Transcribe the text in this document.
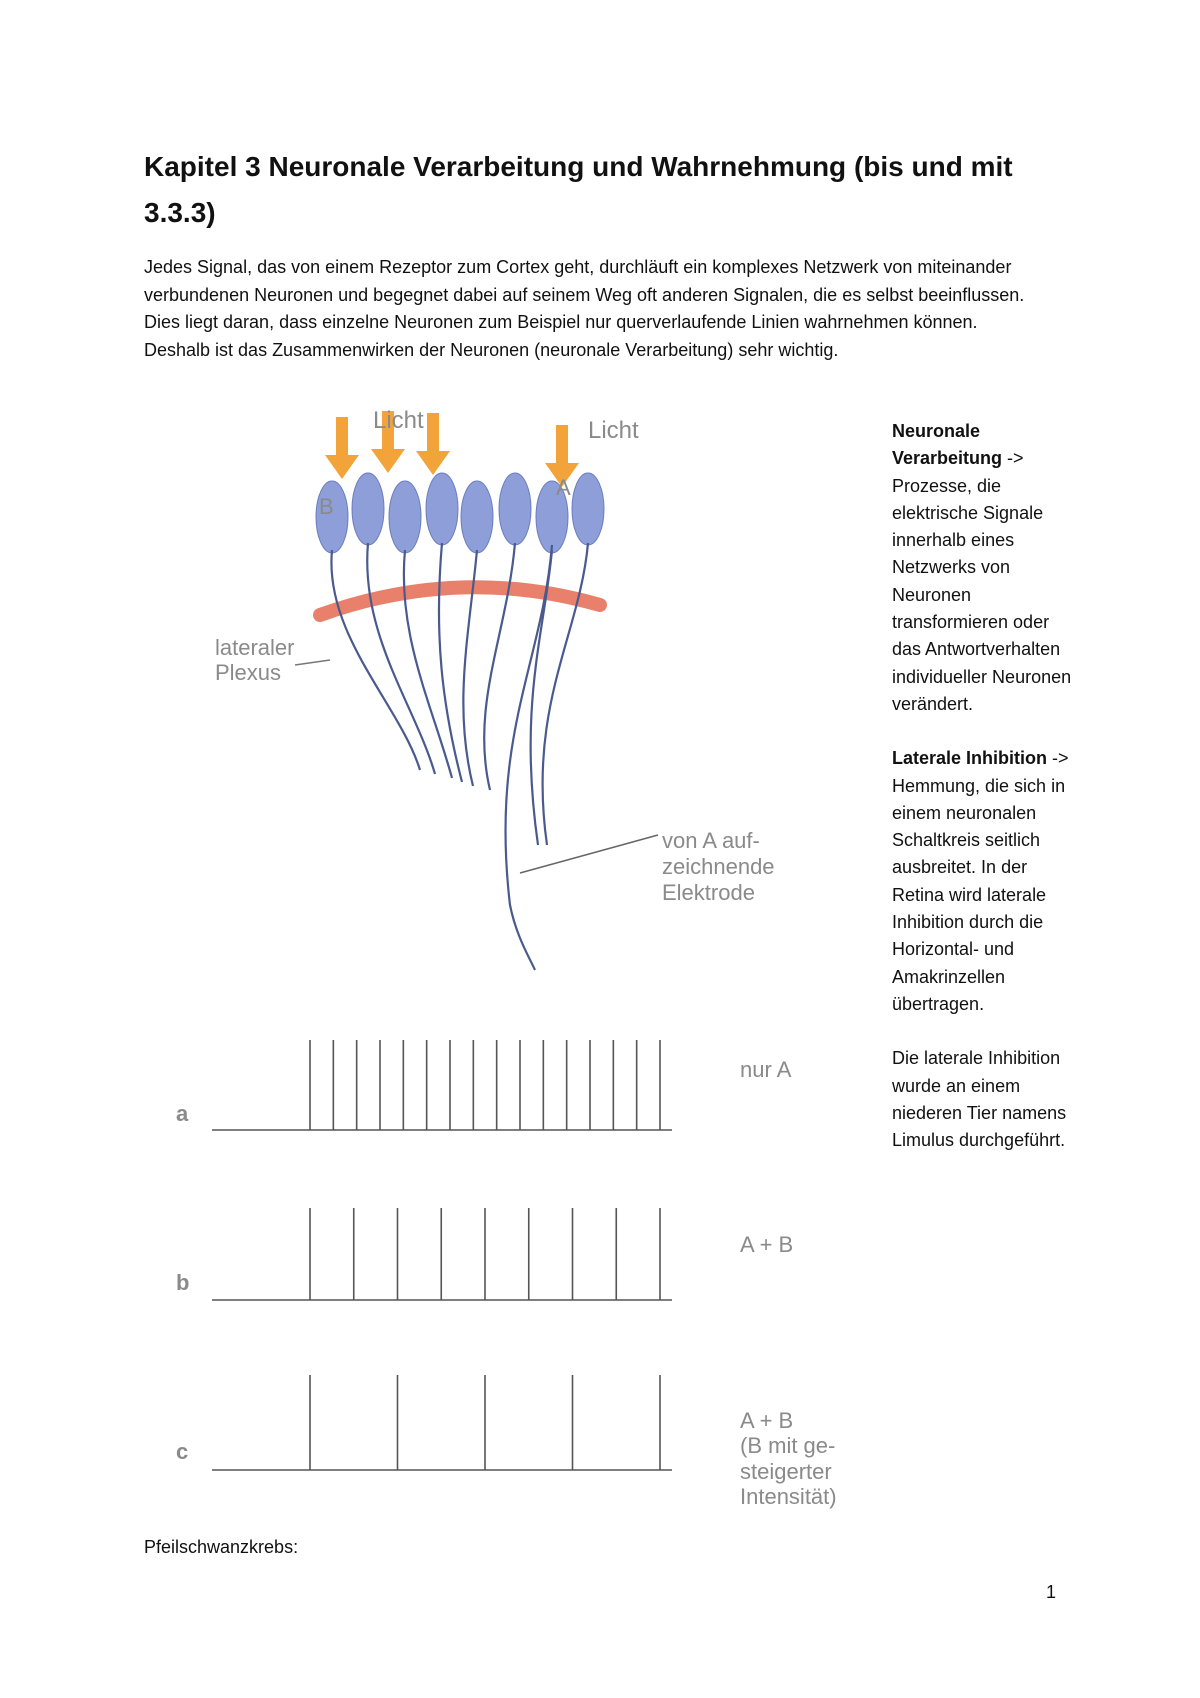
Kapitel 3 Neuronale Verarbeitung und Wahrnehmung (bis und mit 3.3.3)

Jedes Signal, das von einem Rezeptor zum Cortex geht, durchläuft ein komplexes Netzwerk von miteinander verbundenen Neuronen und begegnet dabei auf seinem Weg oft anderen Signalen, die es selbst beeinflussen. Dies liegt daran, dass einzelne Neuronen zum Beispiel nur querverlaufende Linien wahrnehmen können. Deshalb ist das Zusammenwirken der Neuronen (neuronale Verarbeitung) sehr wichtig.

Licht	Licht
B
A
lateraler
Plexus
von A auf-
zeichnende
Elektrode
a
b
c
nur A
A + B
A + B
(B mit ge-
steigerter
Intensität)

Neuronale Verarbeitung -> Prozesse, die elektrische Signale innerhalb eines Netzwerks von Neuronen transformieren oder das Antwortverhalten individueller Neuronen verändert.

Laterale Inhibition -> Hemmung, die sich in einem neuronalen Schaltkreis seitlich ausbreitet. In der Retina wird laterale Inhibition durch die Horizontal- und Amakrinzellen übertragen.

Die laterale Inhibition wurde an einem niederen Tier namens Limulus durchgeführt.

Pfeilschwanzkrebs:

1
